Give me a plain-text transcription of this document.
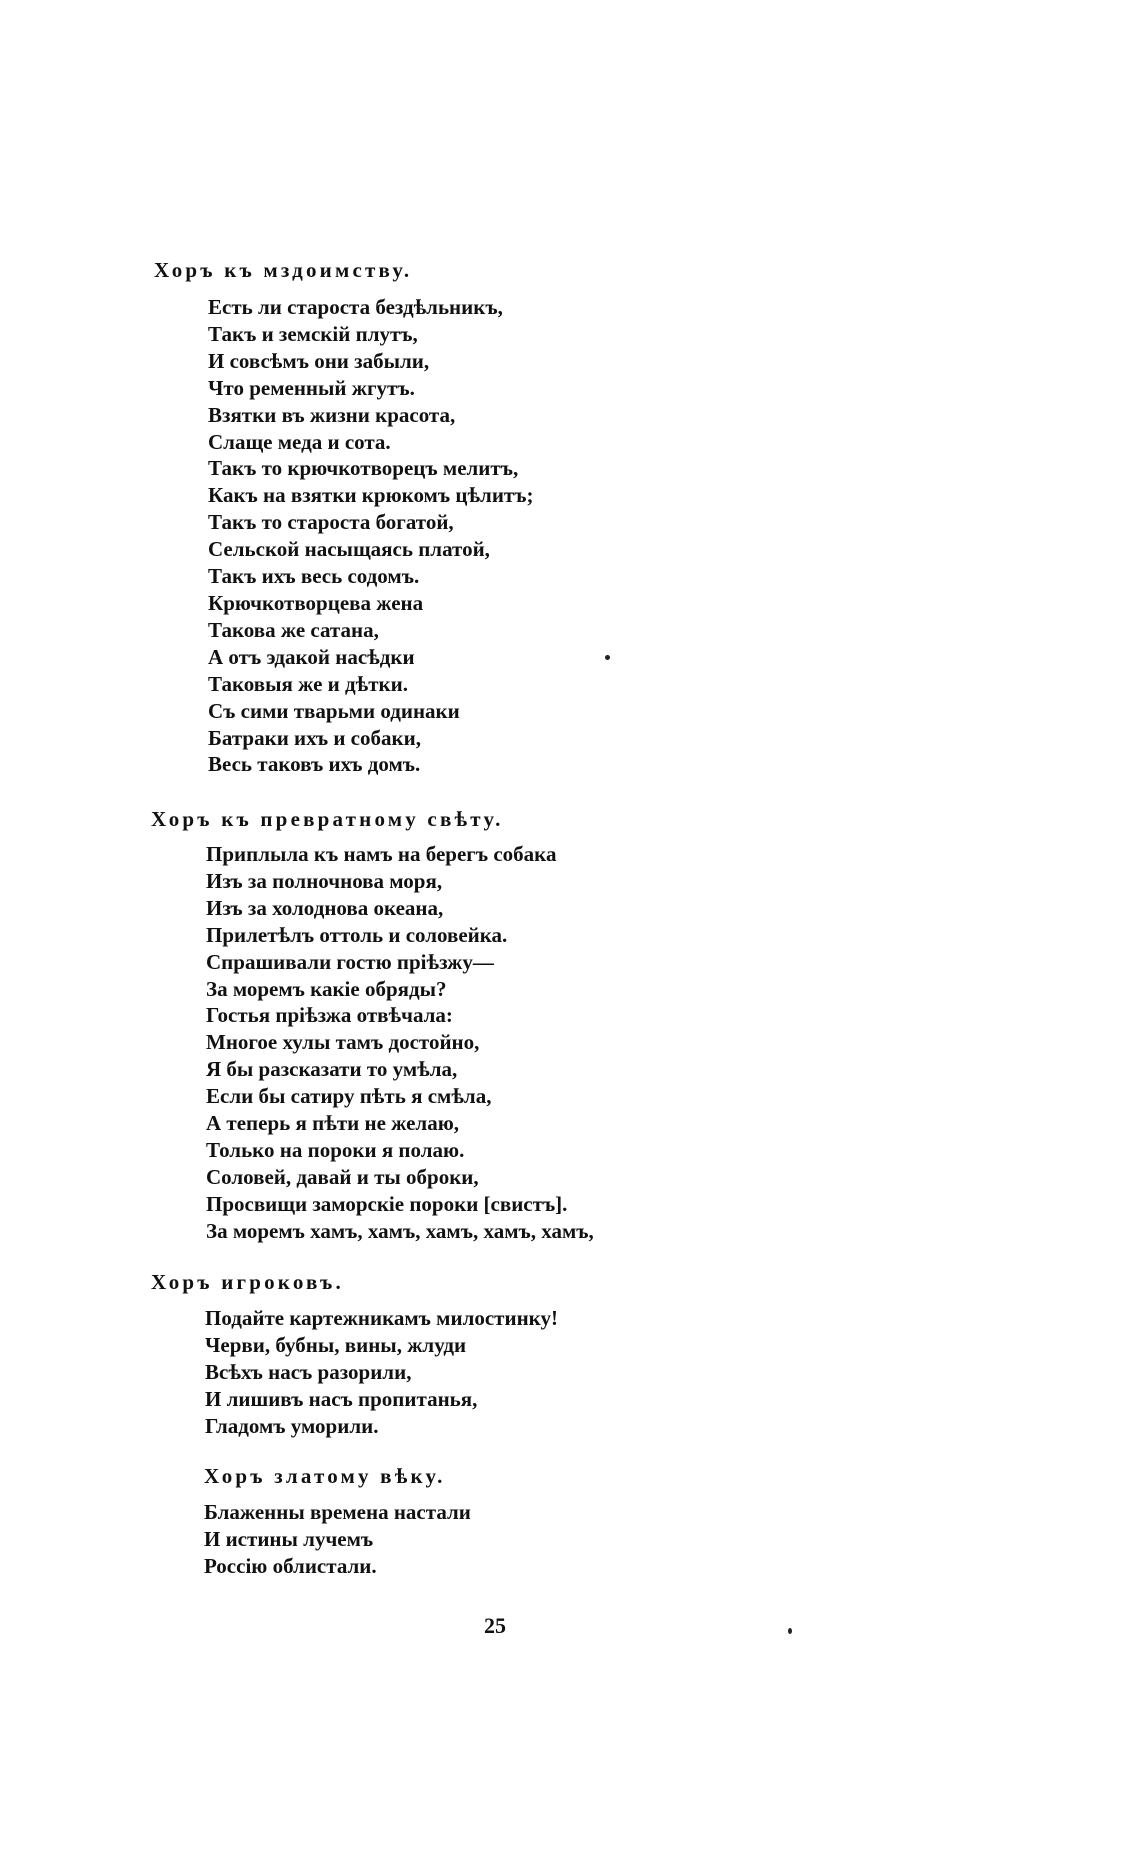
Хоръ къ мздоимству.
Есть ли староста бездѣльникъ,
Такъ и земскій плутъ,
И совсѣмъ они забыли,
Что ременный жгутъ.
Взятки въ жизни красота,
Слаще меда и сота.
Такъ то крючкотворецъ мелитъ,
Какъ на взятки крюкомъ цѣлитъ;
Такъ то староста богатой,
Сельской насыщаясь платой,
Такъ ихъ весь содомъ.
Крючкотворцева жена
Такова же сатана,
А отъ эдакой насѣдки
Таковыя же и дѣтки.
Съ сими тварьми одинаки
Батраки ихъ и собаки,
Весь таковъ ихъ домъ.
Хоръ къ превратному свѣту.
Приплыла къ намъ на берегъ собака
Изъ за полночнова моря,
Изъ за холоднова океана,
Прилетѣлъ оттоль и соловейка.
Спрашивали гостю пріѣзжу—
За моремъ какіе обряды?
Гостья пріѣзжа отвѣчала:
Многое хулы тамъ достойно,
Я бы разсказати то умѣла,
Если бы сатиру пѣть я смѣла,
А теперь я пѣти не желаю,
Только на пороки я полаю.
Соловей, давай и ты оброки,
Просвищи заморскіе пороки [свистъ].
За моремъ хамъ, хамъ, хамъ, хамъ, хамъ,
Хоръ игроковъ.
Подайте картежникамъ милостинку!
Черви, бубны, вины, жлуди
Всѣхъ насъ разорили,
И лишивъ насъ пропитанья,
Гладомъ уморили.
Хоръ златому вѣку.
Блаженны времена настали
И истины лучемъ
Россію облистали.
25
